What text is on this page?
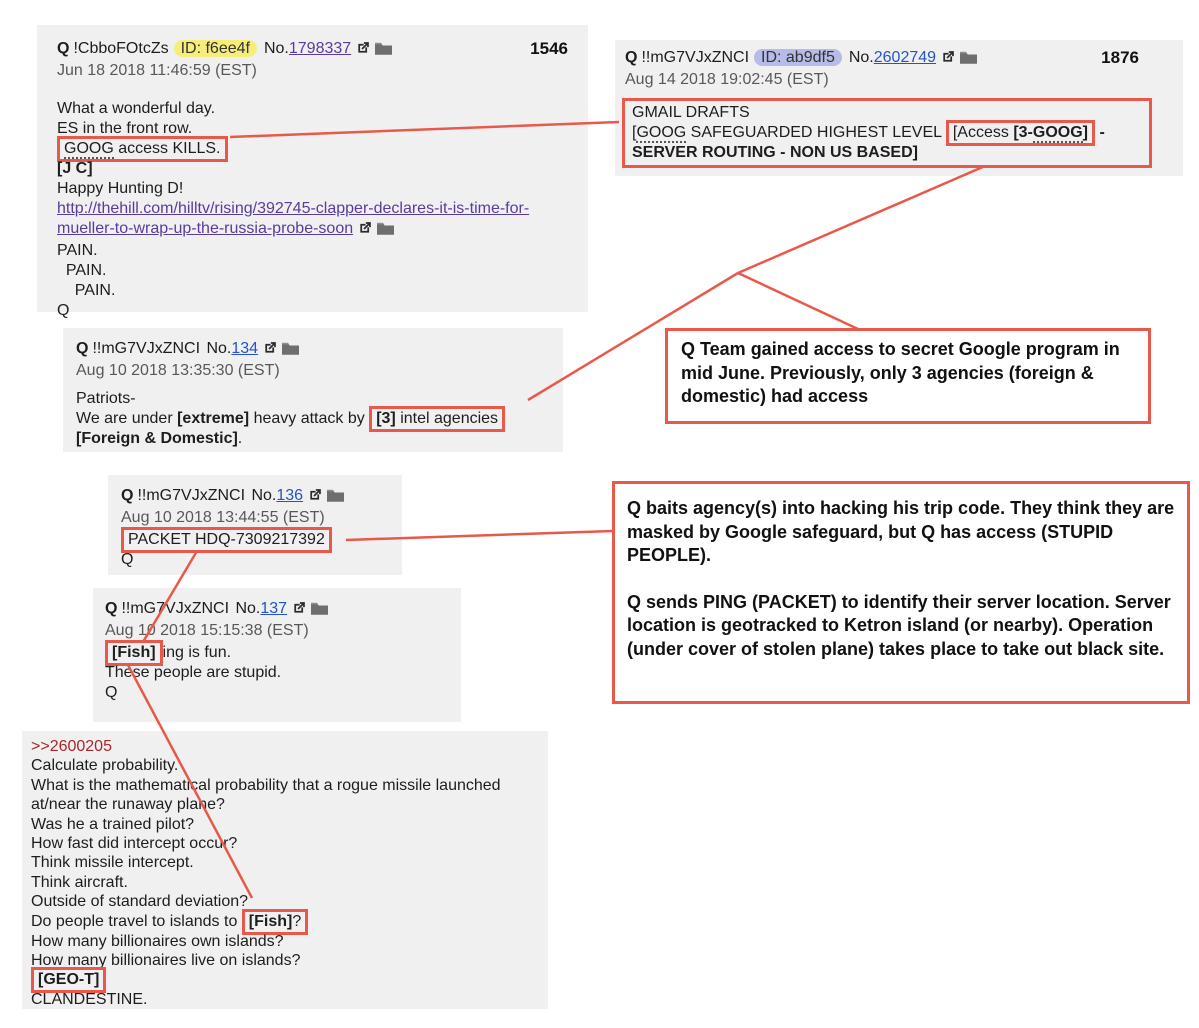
1546
Q !CbboFOtcZs ID: f6ee4f No.1798337
Jun 18 2018 11:46:59 (EST)
What a wonderful day.
ES in the front row.
GOOG access KILLS.
[J C]
Happy Hunting D!
http://thehill.com/hilltv/rising/392745-clapper-declares-it-is-time-for-mueller-to-wrap-up-the-russia-probe-soon
PAIN.
PAIN.
PAIN.
Q
1876
Q !!mG7VJxZNCI ID: ab9df5 No.2602749
Aug 14 2018 19:02:45 (EST)
GMAIL DRAFTS
[GOOG SAFEGUARDED HIGHEST LEVEL [Access [3-GOOG] -
SERVER ROUTING - NON US BASED]
Q !!mG7VJxZNCI No.134
Aug 10 2018 13:35:30 (EST)
Patriots-
We are under [extreme] heavy attack by [3] intel agencies
[Foreign & Domestic].

Q Team gained access to secret Google program in mid June. Previously, only 3 agencies (foreign & domestic) had access

Q !!mG7VJxZNCI No.136
Aug 10 2018 13:44:55 (EST)
PACKET HDQ-7309217392
Q

Q baits agency(s) into hacking his trip code. They think they are masked by Google safeguard, but Q has access (STUPID PEOPLE).

Q sends PING (PACKET) to identify their server location. Server location is geotracked to Ketron island (or nearby). Operation (under cover of stolen plane) takes place to take out black site.

Q !!mG7VJxZNCI No.137
Aug 10 2018 15:15:38 (EST)
[Fish] ing is fun.
These people are stupid.
Q
>>2600205
Calculate probability.
What is the mathematical probability that a rogue missile launched at/near the runaway plane?
Was he a trained pilot?
How fast did intercept occur?
Think missile intercept.
Think aircraft.
Outside of standard deviation?
Do people travel to islands to [Fish]?
How many billionaires own islands?
How many billionaires live on islands?
[GEO-T]
CLANDESTINE.
